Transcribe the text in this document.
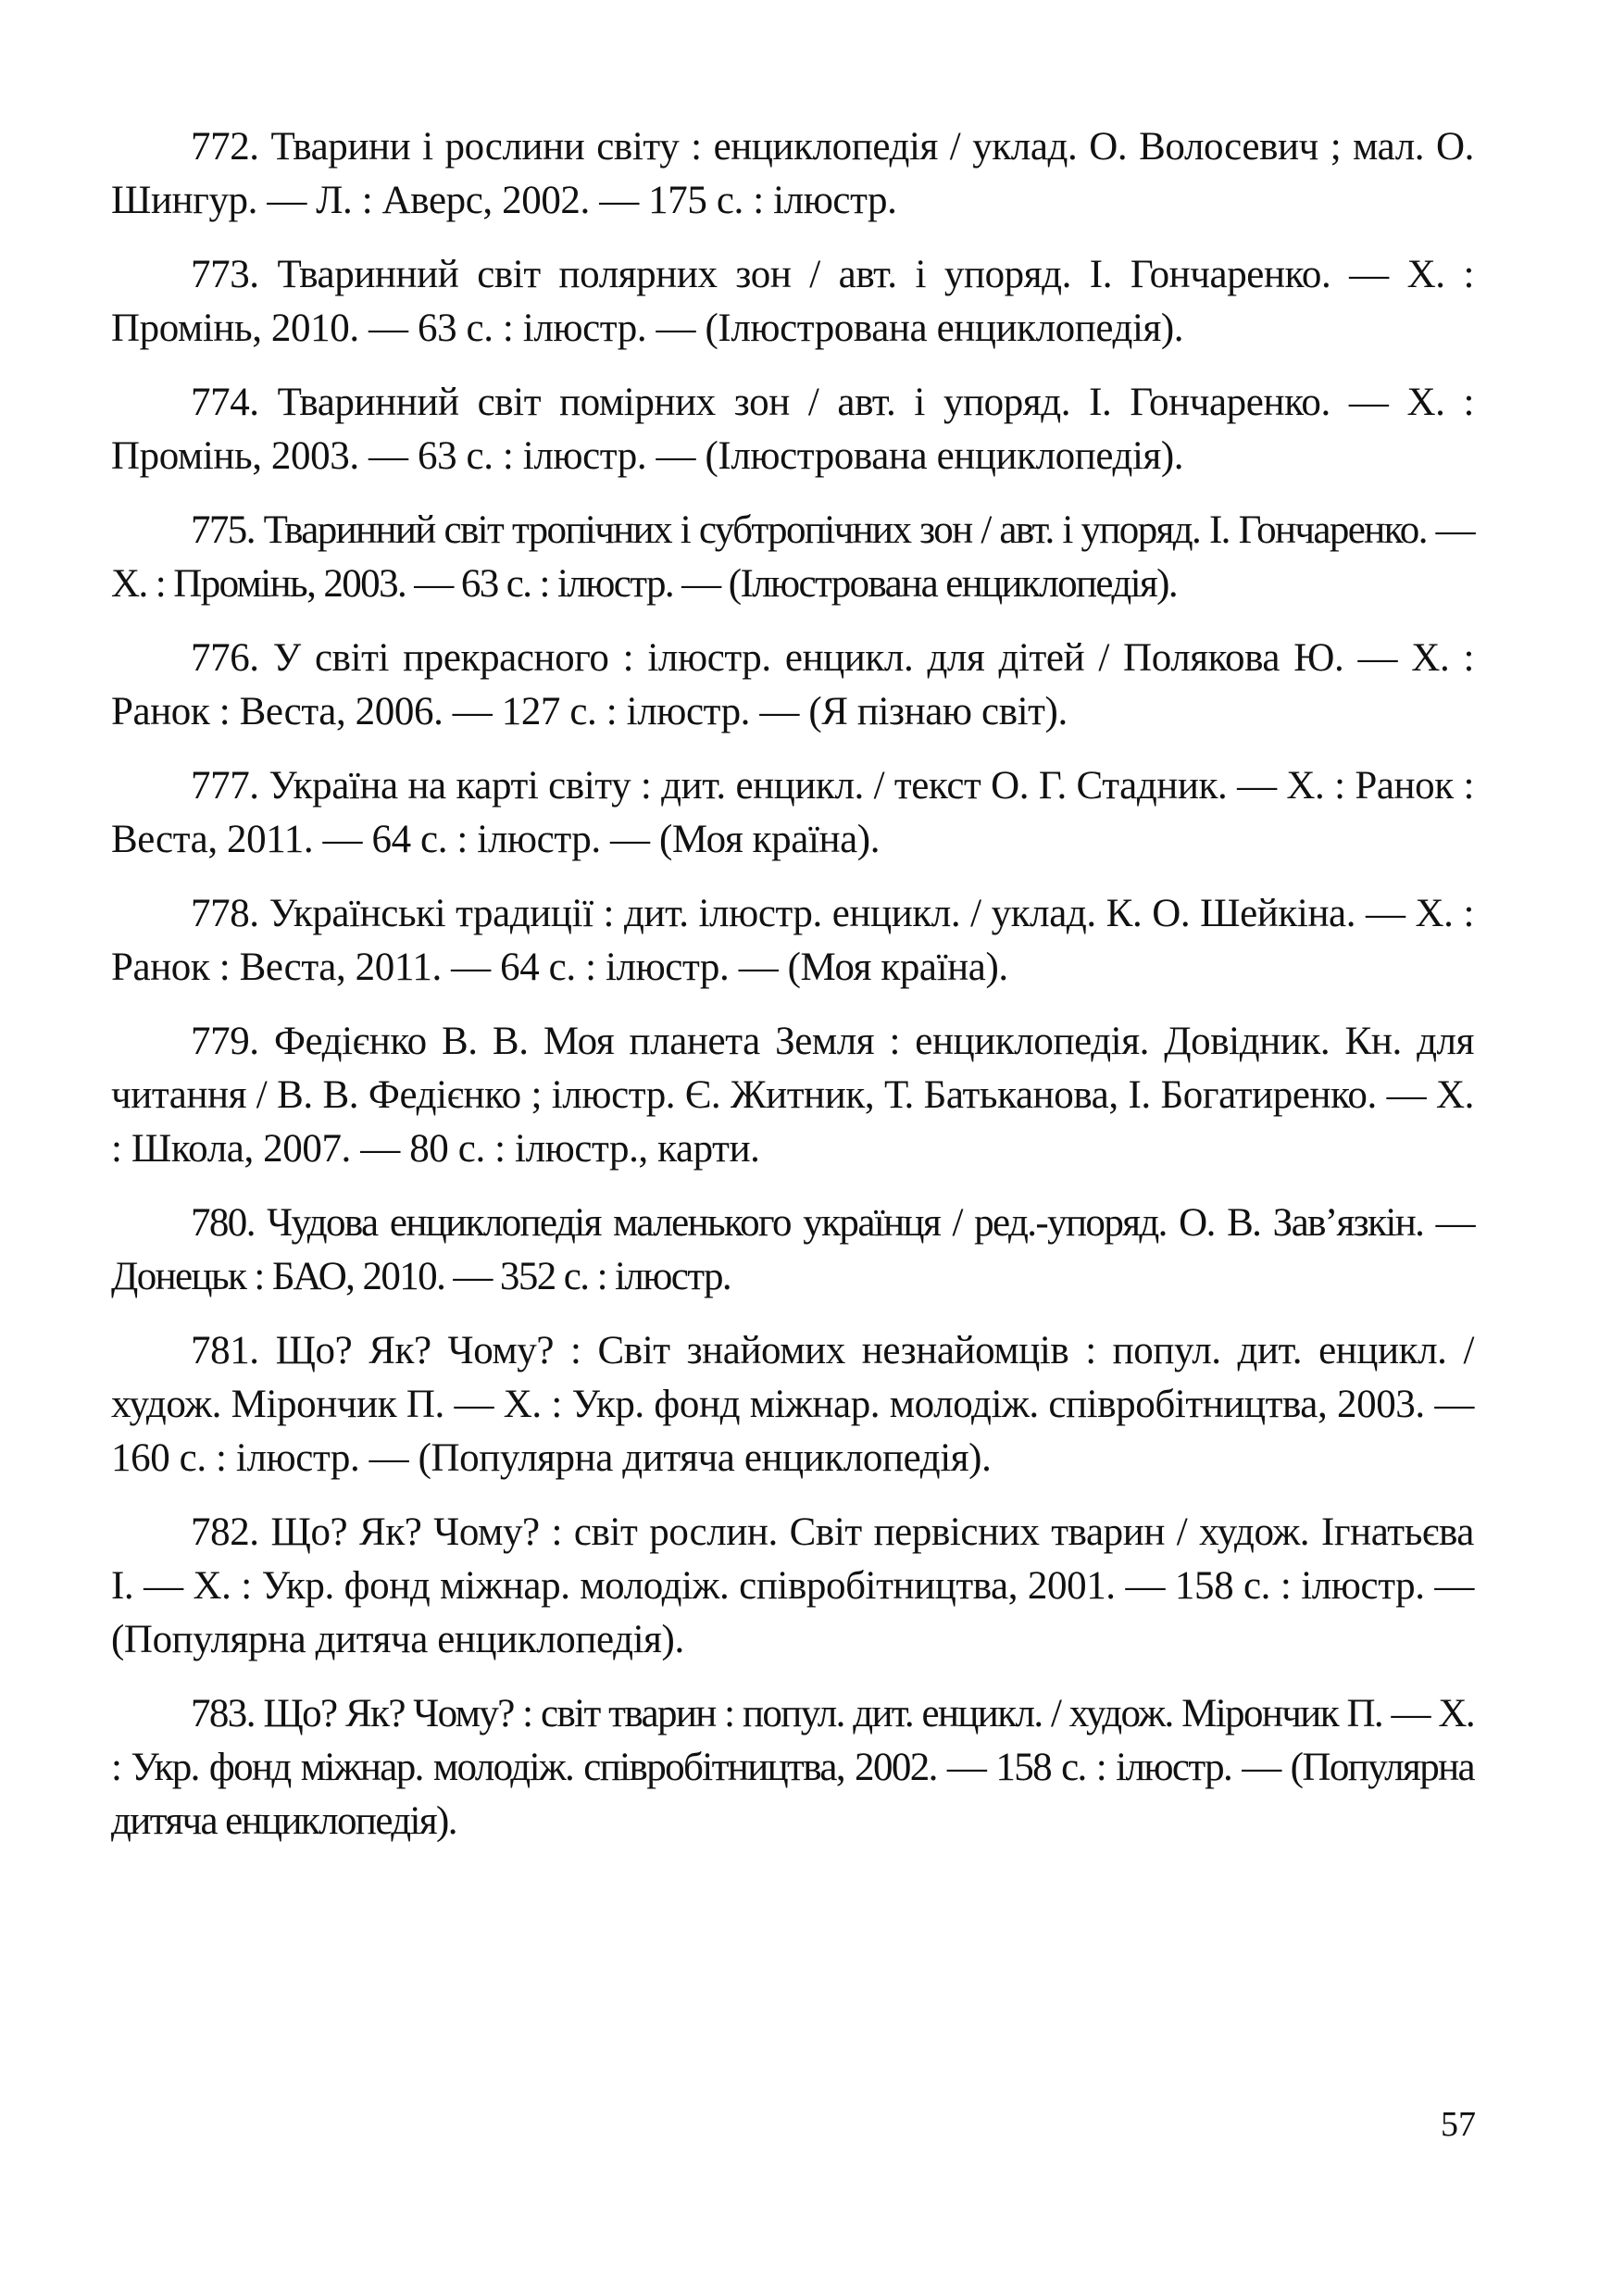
772. Тварини і рослини світу : енциклопедія / уклад. О. Волосевич ; мал. О. Шингур. — Л. : Аверс, 2002. — 175 с. : ілюстр.

773. Тваринний світ полярних зон / авт. і упоряд. І. Гончаренко. — Х. : Промінь, 2010. — 63 с. : ілюстр. — (Ілюстрована енциклопедія).

774. Тваринний світ помірних зон / авт. і упоряд. І. Гончаренко. — Х. : Промінь, 2003. — 63 с. : ілюстр. — (Ілюстрована енциклопедія).

775. Тваринний світ тропічних і субтропічних зон / авт. і упоряд. І. Гончаренко. — Х. : Промінь, 2003. — 63 с. : ілюстр. — (Ілюстрована енциклопедія).

776. У світі прекрасного : ілюстр. енцикл. для дітей / Полякова Ю. — Х. : Ранок : Веста, 2006. — 127 с. : ілюстр. — (Я пізнаю світ).

777. Україна на карті світу : дит. енцикл. / текст О. Г. Стадник. — Х. : Ранок : Веста, 2011. — 64 с. : ілюстр. — (Моя країна).

778. Українські традиції : дит. ілюстр. енцикл. / уклад. К. О. Шейкіна. — Х. : Ранок : Веста, 2011. — 64 с. : ілюстр. — (Моя країна).

779. Федієнко В. В. Моя планета Земля : енциклопедія. Довідник. Кн. для читання / В. В. Федієнко ; ілюстр. Є. Житник, Т. Батьканова, І. Богатиренко. — Х. : Школа, 2007. — 80 с. : ілюстр., карти.

780. Чудова енциклопедія маленького українця / ред.-упоряд. О. В. Зав’язкін. — Донецьк : БАО, 2010. — 352 с. : ілюстр.

781. Що? Як? Чому? : Світ знайомих незнайомців : попул. дит. енцикл. / худож. Мірончик П. — Х. : Укр. фонд міжнар. молодіж. співробітництва, 2003. — 160 с. : ілюстр. — (Популярна дитяча енциклопедія).

782. Що? Як? Чому? : світ рослин. Світ первісних тварин / худож. Ігнатьєва І. — Х. : Укр. фонд міжнар. молодіж. співробітництва, 2001. — 158 с. : ілюстр. — (Популярна дитяча енциклопедія).

783. Що? Як? Чому? : світ тварин : попул. дит. енцикл. / худож. Мірончик П. — Х. : Укр. фонд міжнар. молодіж. співробітництва, 2002. — 158 с. : ілюстр. — (Популярна дитяча енциклопедія).

57
